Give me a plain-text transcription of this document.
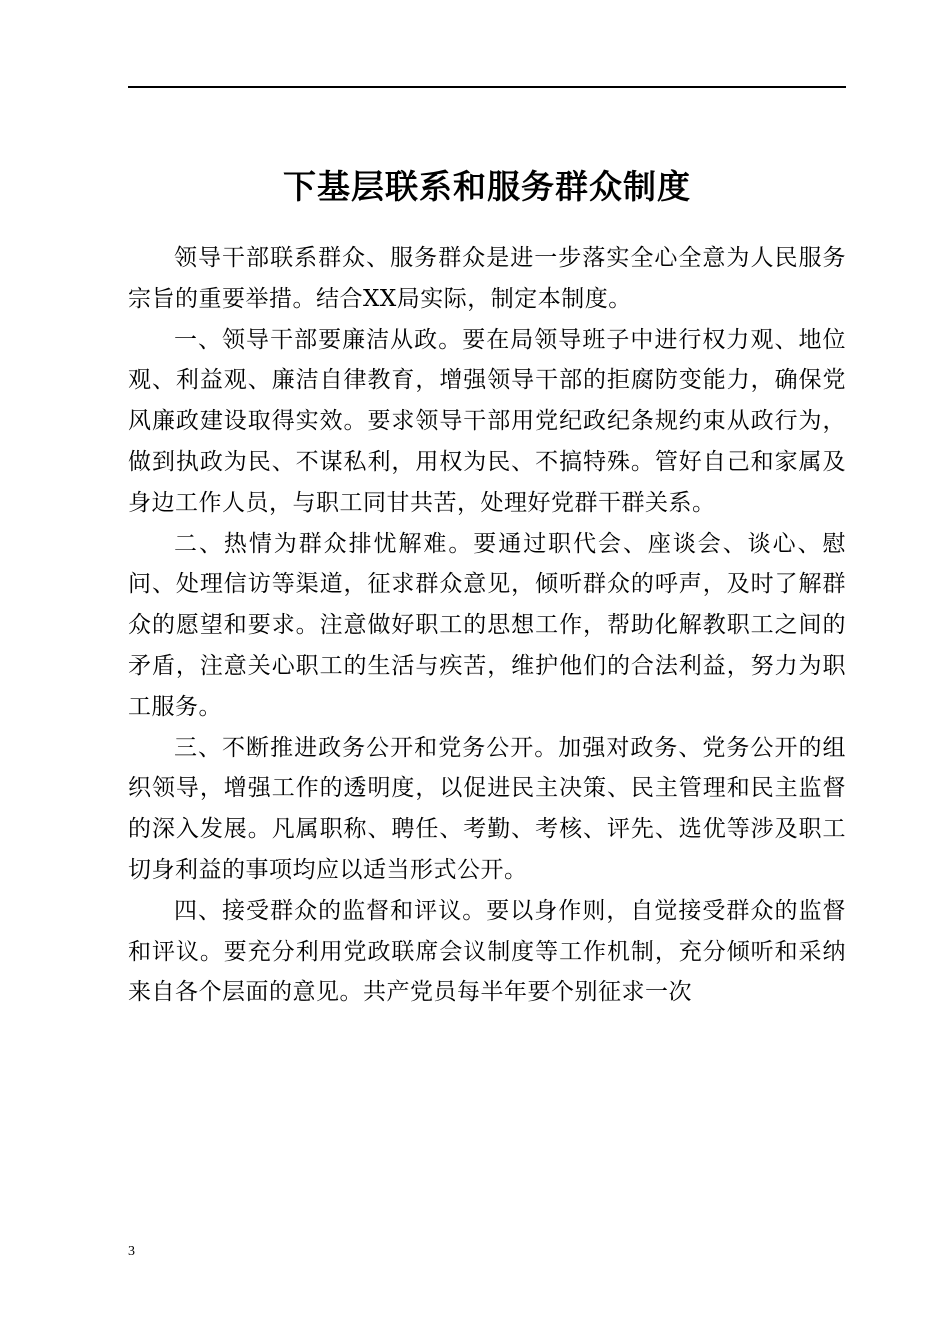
下基层联系和服务群众制度

领导干部联系群众、服务群众是进一步落实全心全意为人民服务宗旨的重要举措。结合XX局实际，制定本制度。

一、领导干部要廉洁从政。要在局领导班子中进行权力观、地位观、利益观、廉洁自律教育，增强领导干部的拒腐防变能力，确保党风廉政建设取得实效。要求领导干部用党纪政纪条规约束从政行为，做到执政为民、不谋私利，用权为民、不搞特殊。管好自己和家属及身边工作人员，与职工同甘共苦，处理好党群干群关系。

二、热情为群众排忧解难。要通过职代会、座谈会、谈心、慰问、处理信访等渠道，征求群众意见，倾听群众的呼声，及时了解群众的愿望和要求。注意做好职工的思想工作，帮助化解教职工之间的矛盾，注意关心职工的生活与疾苦，维护他们的合法利益，努力为职工服务。

三、不断推进政务公开和党务公开。加强对政务、党务公开的组织领导，增强工作的透明度，以促进民主决策、民主管理和民主监督的深入发展。凡属职称、聘任、考勤、考核、评先、选优等涉及职工切身利益的事项均应以适当形式公开。

四、接受群众的监督和评议。要以身作则，自觉接受群众的监督和评议。要充分利用党政联席会议制度等工作机制，充分倾听和采纳来自各个层面的意见。共产党员每半年要个别征求一次

3
